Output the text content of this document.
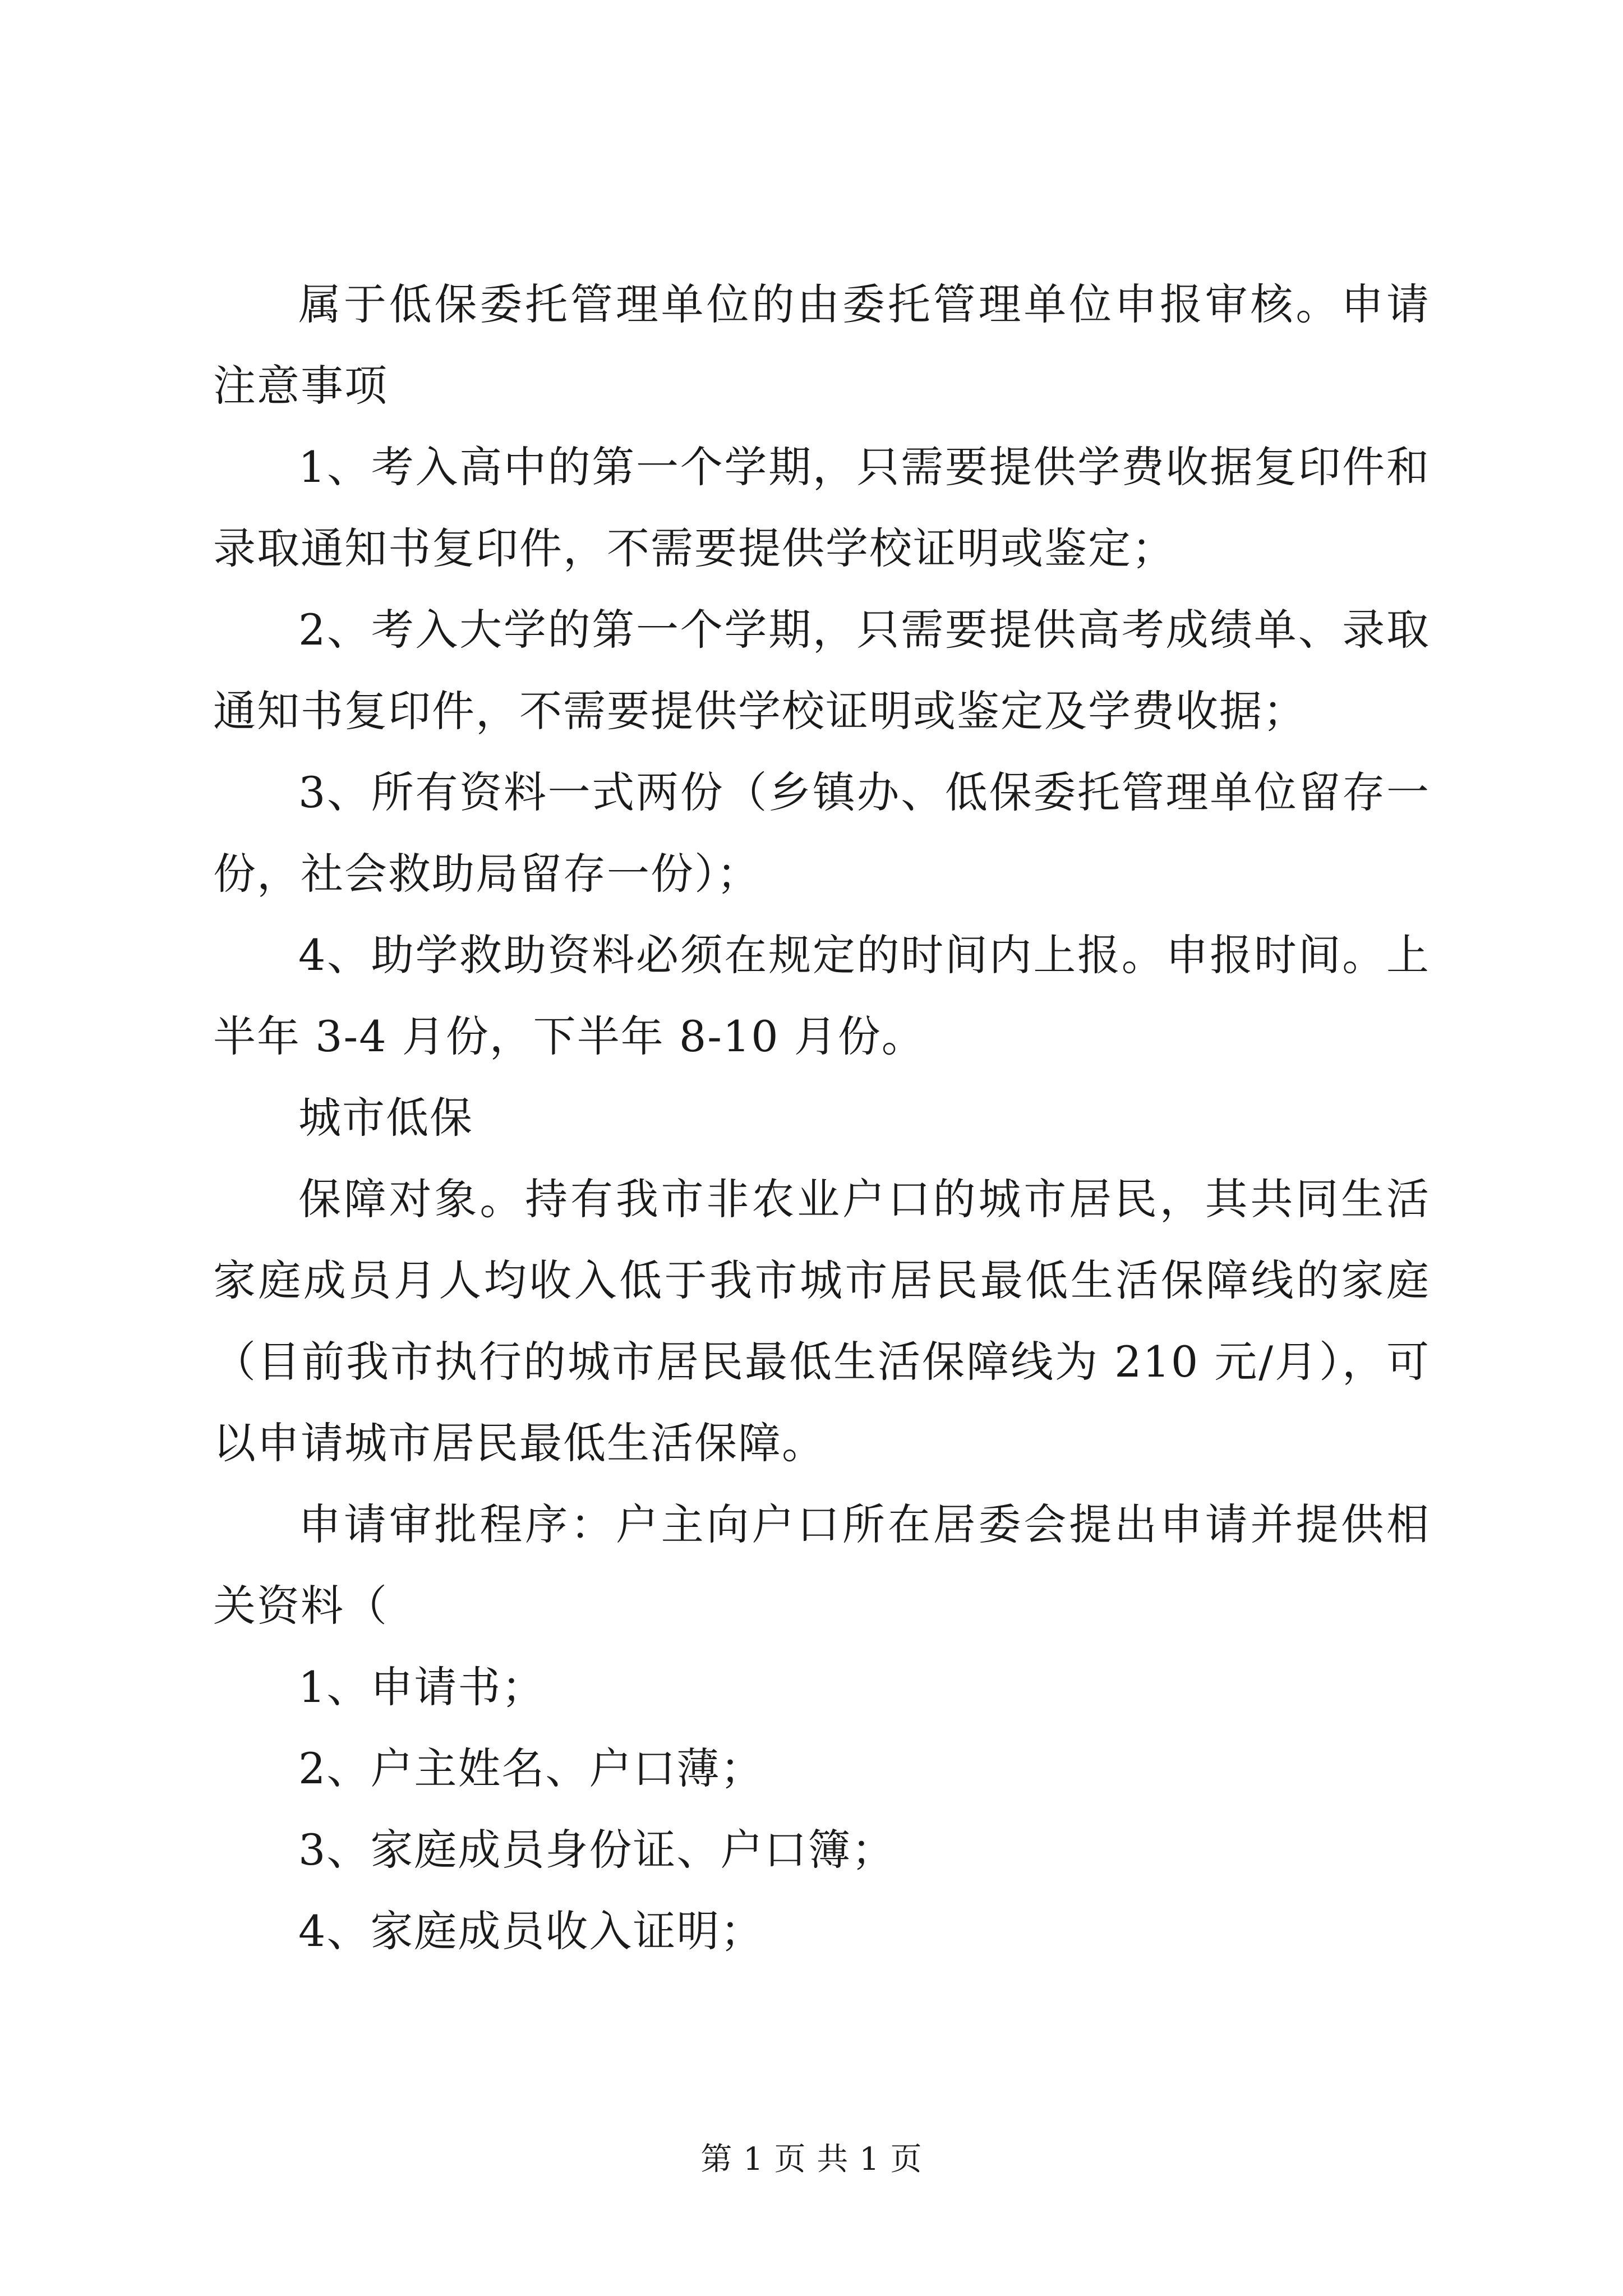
属于低保委托管理单位的由委托管理单位申报审核。申请注意事项

1、考入高中的第一个学期，只需要提供学费收据复印件和录取通知书复印件，不需要提供学校证明或鉴定；

2、考入大学的第一个学期，只需要提供高考成绩单、录取通知书复印件，不需要提供学校证明或鉴定及学费收据；

3、所有资料一式两份（乡镇办、低保委托管理单位留存一份，社会救助局留存一份）；

4、助学救助资料必须在规定的时间内上报。申报时间。上半年 3-4 月份，下半年 8-10 月份。

城市低保

保障对象。持有我市非农业户口的城市居民，其共同生活家庭成员月人均收入低于我市城市居民最低生活保障线的家庭（目前我市执行的城市居民最低生活保障线为 210 元/月），可以申请城市居民最低生活保障。

申请审批程序：户主向户口所在居委会提出申请并提供相关资料（

1、申请书；

2、户主姓名、户口薄；

3、家庭成员身份证、户口簿；

4、家庭成员收入证明；

第 1 页 共 1 页
